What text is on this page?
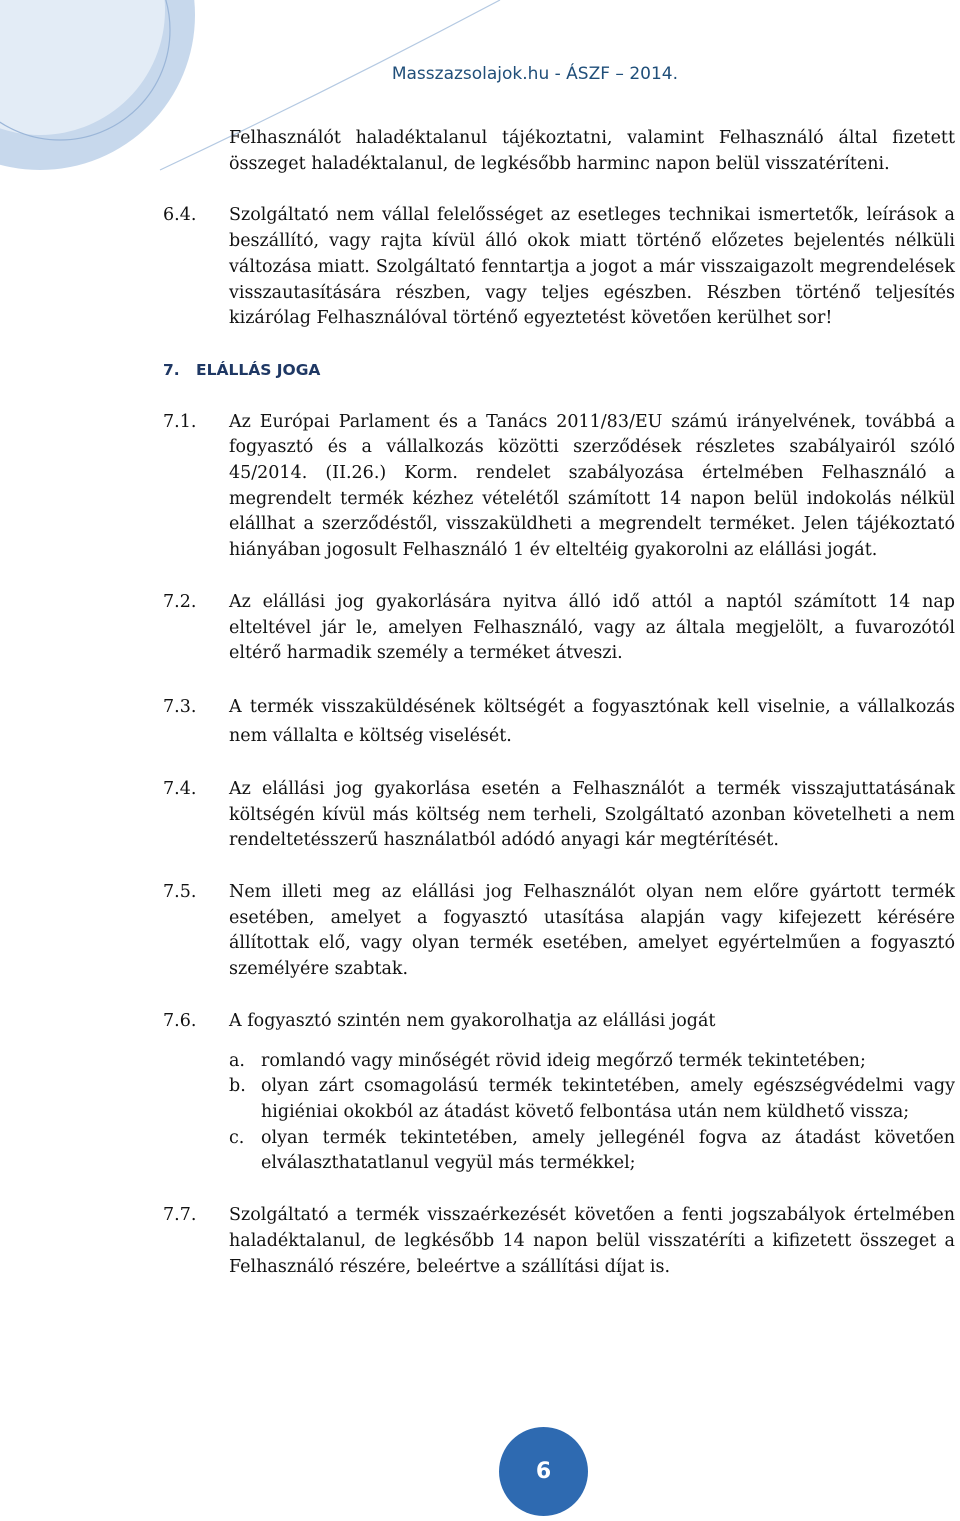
Masszazsolajok.hu - ÁSZF – 2014.

Felhasználót haladéktalanul tájékoztatni, valamint Felhasználó által fizetett összeget haladéktalanul, de legkésőbb harminc napon belül visszatéríteni.

6.4. Szolgáltató nem vállal felelősséget az esetleges technikai ismertetők, leírások a beszállító, vagy rajta kívül álló okok miatt történő előzetes bejelentés nélküli változása miatt. Szolgáltató fenntartja a jogot a már visszaigazolt megrendelések visszautasítására részben, vagy teljes egészben. Részben történő teljesítés kizárólag Felhasználóval történő egyeztetést követően kerülhet sor!

7. ELÁLLÁS JOGA

7.1. Az Európai Parlament és a Tanács 2011/83/EU számú irányelvének, továbbá a fogyasztó és a vállalkozás közötti szerződések részletes szabályairól szóló 45/2014. (II.26.) Korm. rendelet szabályozása értelmében Felhasználó a megrendelt termék kézhez vételétől számított 14 napon belül indokolás nélkül elállhat a szerződéstől, visszaküldheti a megrendelt terméket. Jelen tájékoztató hiányában jogosult Felhasználó 1 év elteltéig gyakorolni az elállási jogát.

7.2. Az elállási jog gyakorlására nyitva álló idő attól a naptól számított 14 nap elteltével jár le, amelyen Felhasználó, vagy az általa megjelölt, a fuvarozótól eltérő harmadik személy a terméket átveszi.

7.3. A termék visszaküldésének költségét a fogyasztónak kell viselnie, a vállalkozás nem vállalta e költség viselését.

7.4. Az elállási jog gyakorlása esetén a Felhasználót a termék visszajuttatásának költségén kívül más költség nem terheli, Szolgáltató azonban követelheti a nem rendeltetésszerű használatból adódó anyagi kár megtérítését.

7.5. Nem illeti meg az elállási jog Felhasználót olyan nem előre gyártott termék esetében, amelyet a fogyasztó utasítása alapján vagy kifejezett kérésére állítottak elő, vagy olyan termék esetében, amelyet egyértelműen a fogyasztó személyére szabtak.

7.6. A fogyasztó szintén nem gyakorolhatja az elállási jogát
a. romlandó vagy minőségét rövid ideig megőrző termék tekintetében;
b. olyan zárt csomagolású termék tekintetében, amely egészségvédelmi vagy higiéniai okokból az átadást követő felbontása után nem küldhető vissza;
c. olyan termék tekintetében, amely jellegénél fogva az átadást követően elválaszthatatlanul vegyül más termékkel;

7.7. Szolgáltató a termék visszaérkezését követően a fenti jogszabályok értelmében haladéktalanul, de legkésőbb 14 napon belül visszatéríti a kifizetett összeget a Felhasználó részére, beleértve a szállítási díjat is.

6
